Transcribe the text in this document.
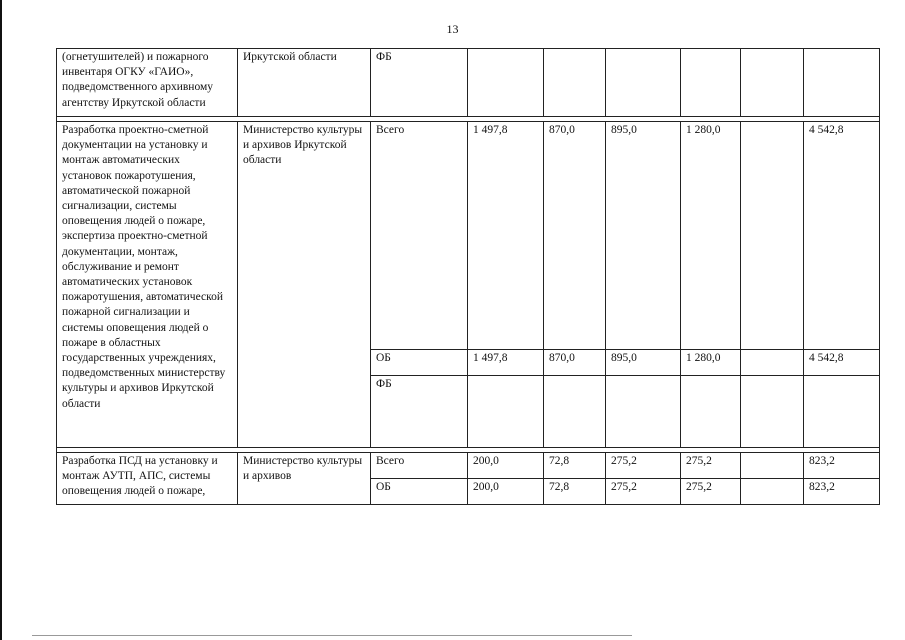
13
(огнетушителей) и пожарного инвентаря ОГКУ «ГАИО», подведомственного архивному агентству Иркутской области	Иркутской области	ФБ						

Разработка проектно-сметной документации на установку и монтаж автоматических установок пожаротушения, автоматической пожарной сигнализации, системы оповещения людей о пожаре, экспертиза проектно-сметной документации, монтаж, обслуживание и ремонт автоматических установок пожаротушения, автоматической пожарной сигнализации и системы оповещения людей о пожаре в областных государственных учреждениях, подведомственных министерству культуры и архивов Иркутской области	Министерство культуры и архивов Иркутской области	Всего	1 497,8	870,0	895,0	1 280,0		4 542,8
		ОБ	1 497,8	870,0	895,0	1 280,0		4 542,8
		ФБ						

Разработка ПСД на установку и монтаж АУТП, АПС, системы оповещения людей о пожаре,	Министерство культуры и архивов	Всего	200,0	72,8	275,2	275,2		823,2
		ОБ	200,0	72,8	275,2	275,2		823,2
